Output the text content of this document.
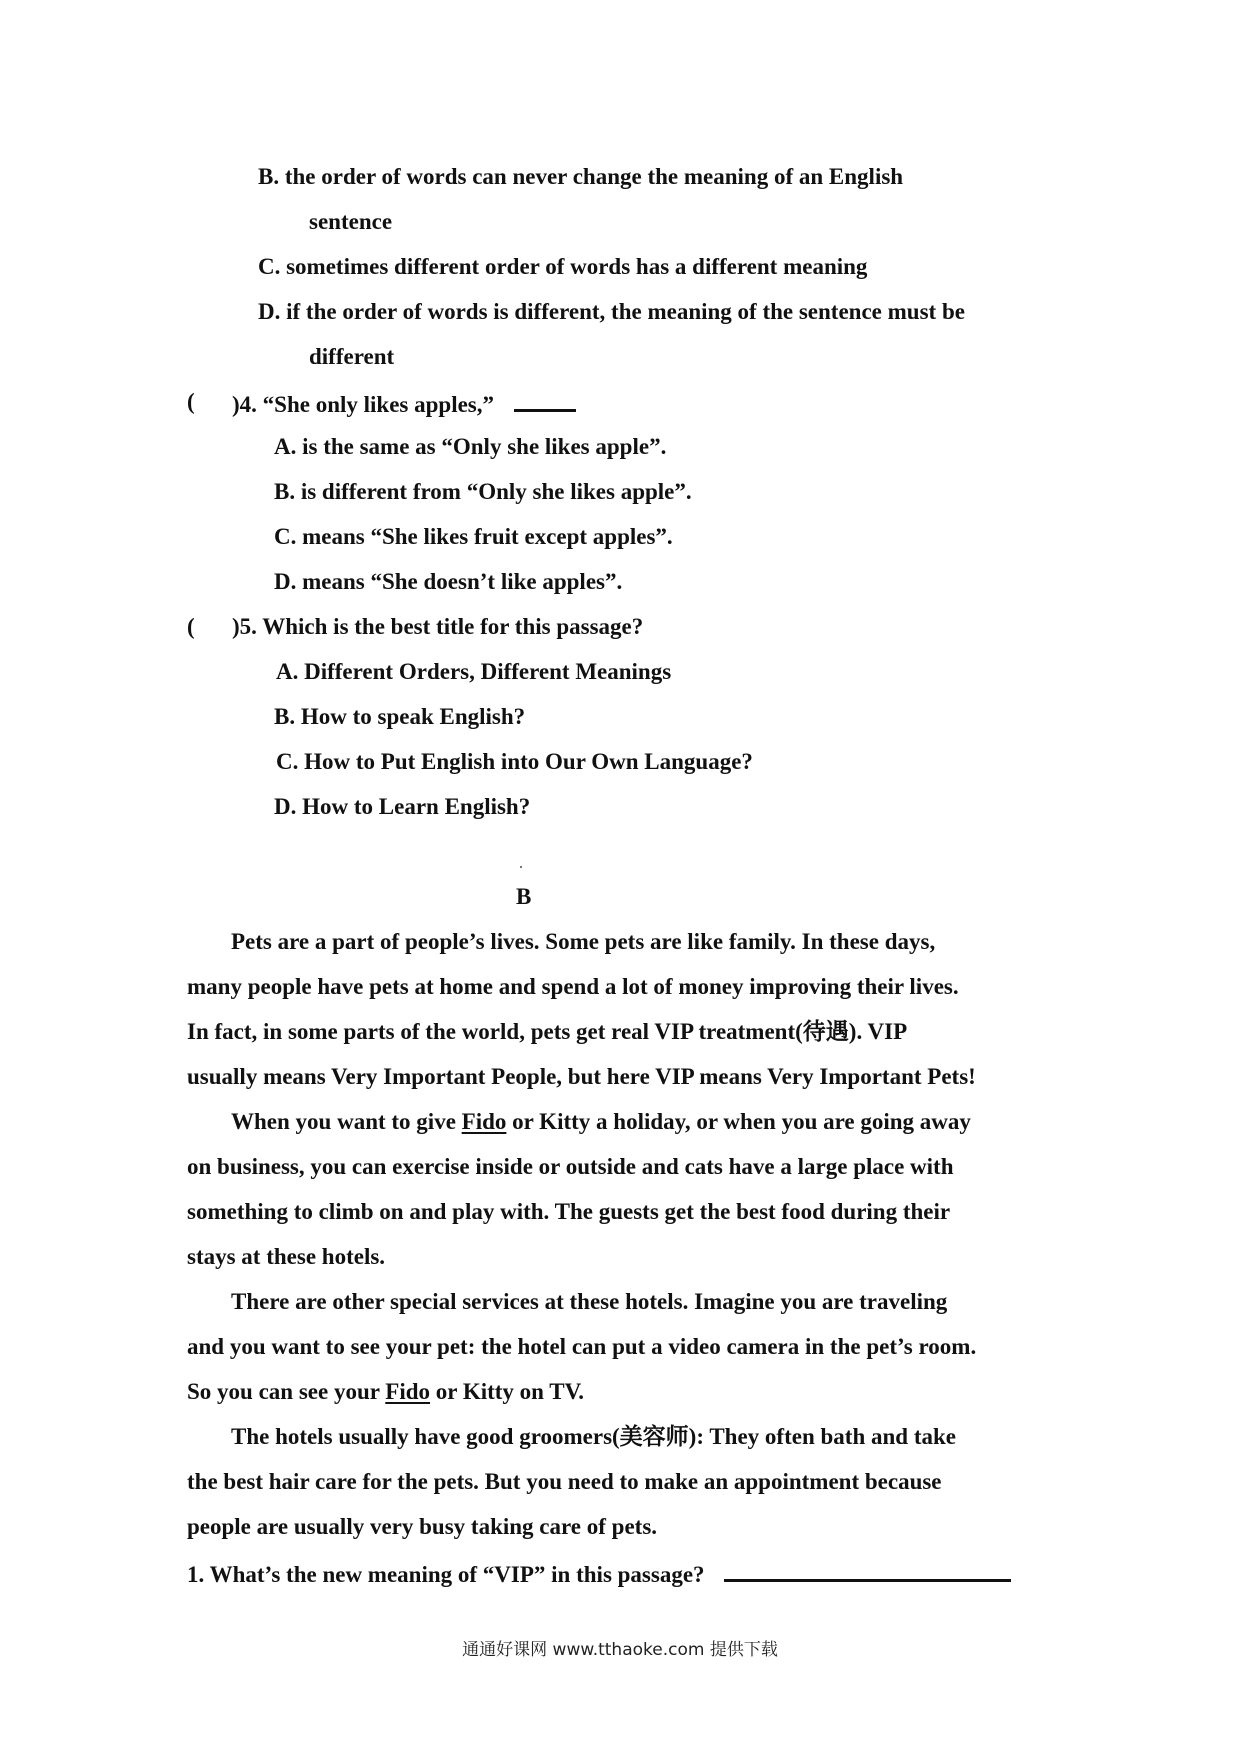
B. the order of words can never change the meaning of an English
sentence
C. sometimes different order of words has a different meaning
D. if the order of words is different, the meaning of the sentence must be
different
( )4. “She only likes apples,”
A. is the same as “Only she likes apple”.
B. is different from “Only she likes apple”.
C. means “She likes fruit except apples”.
D. means “She doesn’t like apples”.
( )5. Which is the best title for this passage?
A. Different Orders, Different Meanings
B. How to speak English?
C. How to Put English into Our Own Language?
D. How to Learn English?
B
Pets are a part of people’s lives. Some pets are like family. In these days,
many people have pets at home and spend a lot of money improving their lives.
In fact, in some parts of the world, pets get real VIP treatment(待遇). VIP
usually means Very Important People, but here VIP means Very Important Pets!
When you want to give Fido or Kitty a holiday, or when you are going away
on business, you can exercise inside or outside and cats have a large place with
something to climb on and play with. The guests get the best food during their
stays at these hotels.
There are other special services at these hotels. Imagine you are traveling
and you want to see your pet: the hotel can put a video camera in the pet’s room.
So you can see your Fido or Kitty on TV.
The hotels usually have good groomers(美容师): They often bath and take
the best hair care for the pets. But you need to make an appointment because
people are usually very busy taking care of pets.
1. What’s the new meaning of “VIP” in this passage?
通通好课网 www.tthaoke.com 提供下载
